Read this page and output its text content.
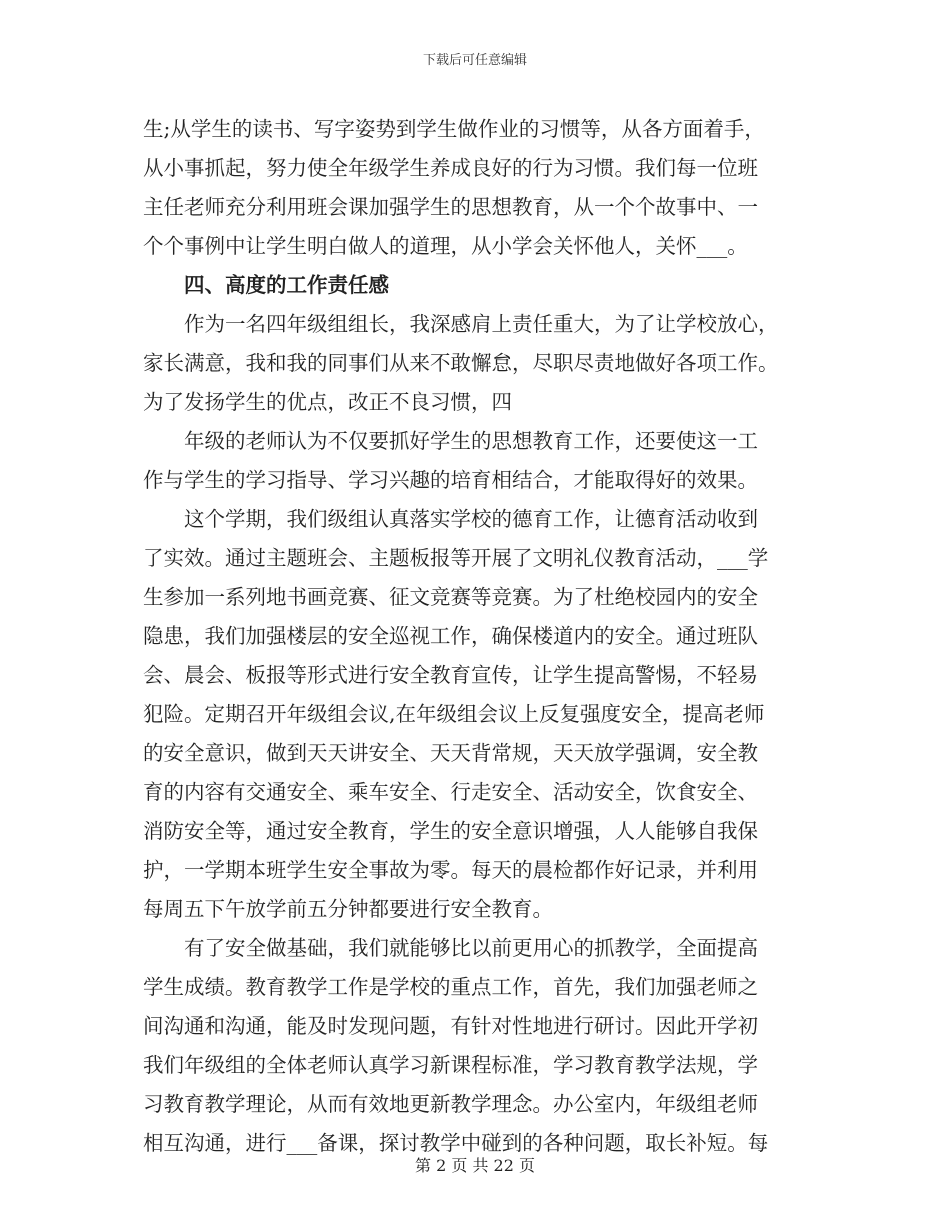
下载后可任意编辑
生;从学生的读书、写字姿势到学生做作业的习惯等，从各方面着手，
从小事抓起，努力使全年级学生养成良好的行为习惯。我们每一位班
主任老师充分利用班会课加强学生的思想教育，从一个个故事中、一
个个事例中让学生明白做人的道理，从小学会关怀他人，关怀___。
四、高度的工作责任感
作为一名四年级组组长，我深感肩上责任重大，为了让学校放心，
家长满意，我和我的同事们从来不敢懈怠，尽职尽责地做好各项工作。
为了发扬学生的优点，改正不良习惯，四
年级的老师认为不仅要抓好学生的思想教育工作，还要使这一工
作与学生的学习指导、学习兴趣的培育相结合，才能取得好的效果。
这个学期，我们级组认真落实学校的德育工作，让德育活动收到
了实效。通过主题班会、主题板报等开展了文明礼仪教育活动，___学
生参加一系列地书画竞赛、征文竞赛等竞赛。为了杜绝校园内的安全
隐患，我们加强楼层的安全巡视工作，确保楼道内的安全。通过班队
会、晨会、板报等形式进行安全教育宣传，让学生提高警惕，不轻易
犯险。定期召开年级组会议,在年级组会议上反复强度安全，提高老师
的安全意识，做到天天讲安全、天天背常规，天天放学强调，安全教
育的内容有交通安全、乘车安全、行走安全、活动安全，饮食安全、
消防安全等，通过安全教育，学生的安全意识增强，人人能够自我保
护，一学期本班学生安全事故为零。每天的晨检都作好记录，并利用
每周五下午放学前五分钟都要进行安全教育。
有了安全做基础，我们就能够比以前更用心的抓教学，全面提高
学生成绩。教育教学工作是学校的重点工作，首先，我们加强老师之
间沟通和沟通，能及时发现问题，有针对性地进行研讨。因此开学初
我们年级组的全体老师认真学习新课程标准，学习教育教学法规，学
习教育教学理论，从而有效地更新教学理念。办公室内，年级组老师
相互沟通，进行___备课，探讨教学中碰到的各种问题，取长补短。每
第 2 页 共 22 页
